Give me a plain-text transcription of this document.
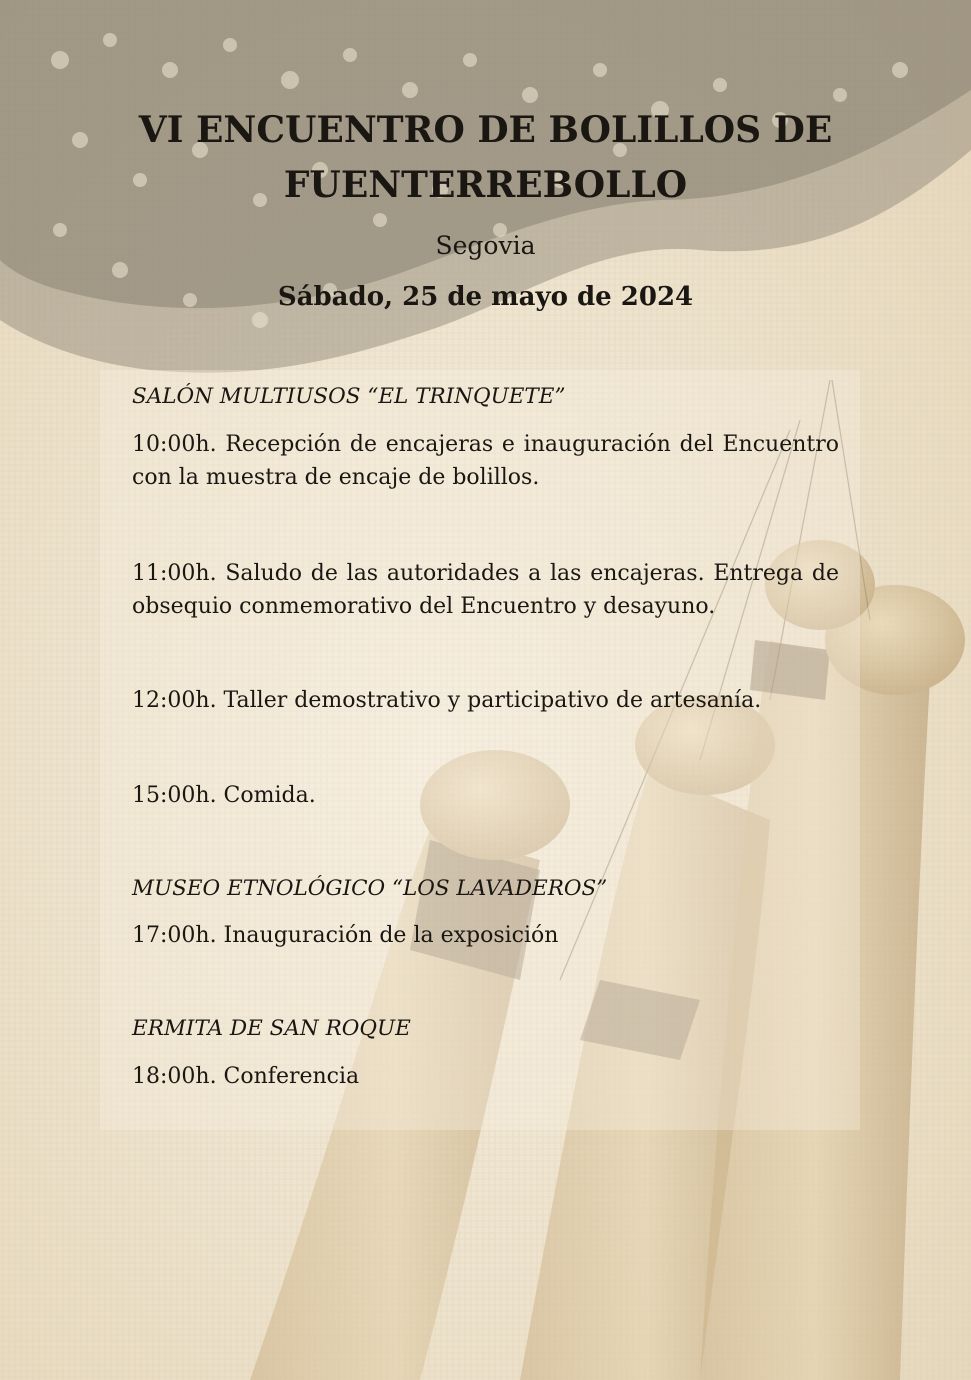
VI ENCUENTRO DE BOLILLOS DE
FUENTERREBOLLO

Segovia

Sábado, 25 de mayo de 2024

SALÓN MULTIUSOS “EL TRINQUETE”

10:00h. Recepción de encajeras e inauguración del Encuentro con la muestra de encaje de bolillos.

11:00h. Saludo de las autoridades a las encajeras. Entrega de obsequio conmemorativo del Encuentro y desayuno.

12:00h. Taller demostrativo y participativo de artesanía.

15:00h. Comida.

MUSEO ETNOLÓGICO “LOS LAVADEROS”

17:00h. Inauguración de la exposición

ERMITA DE SAN ROQUE

18:00h. Conferencia
